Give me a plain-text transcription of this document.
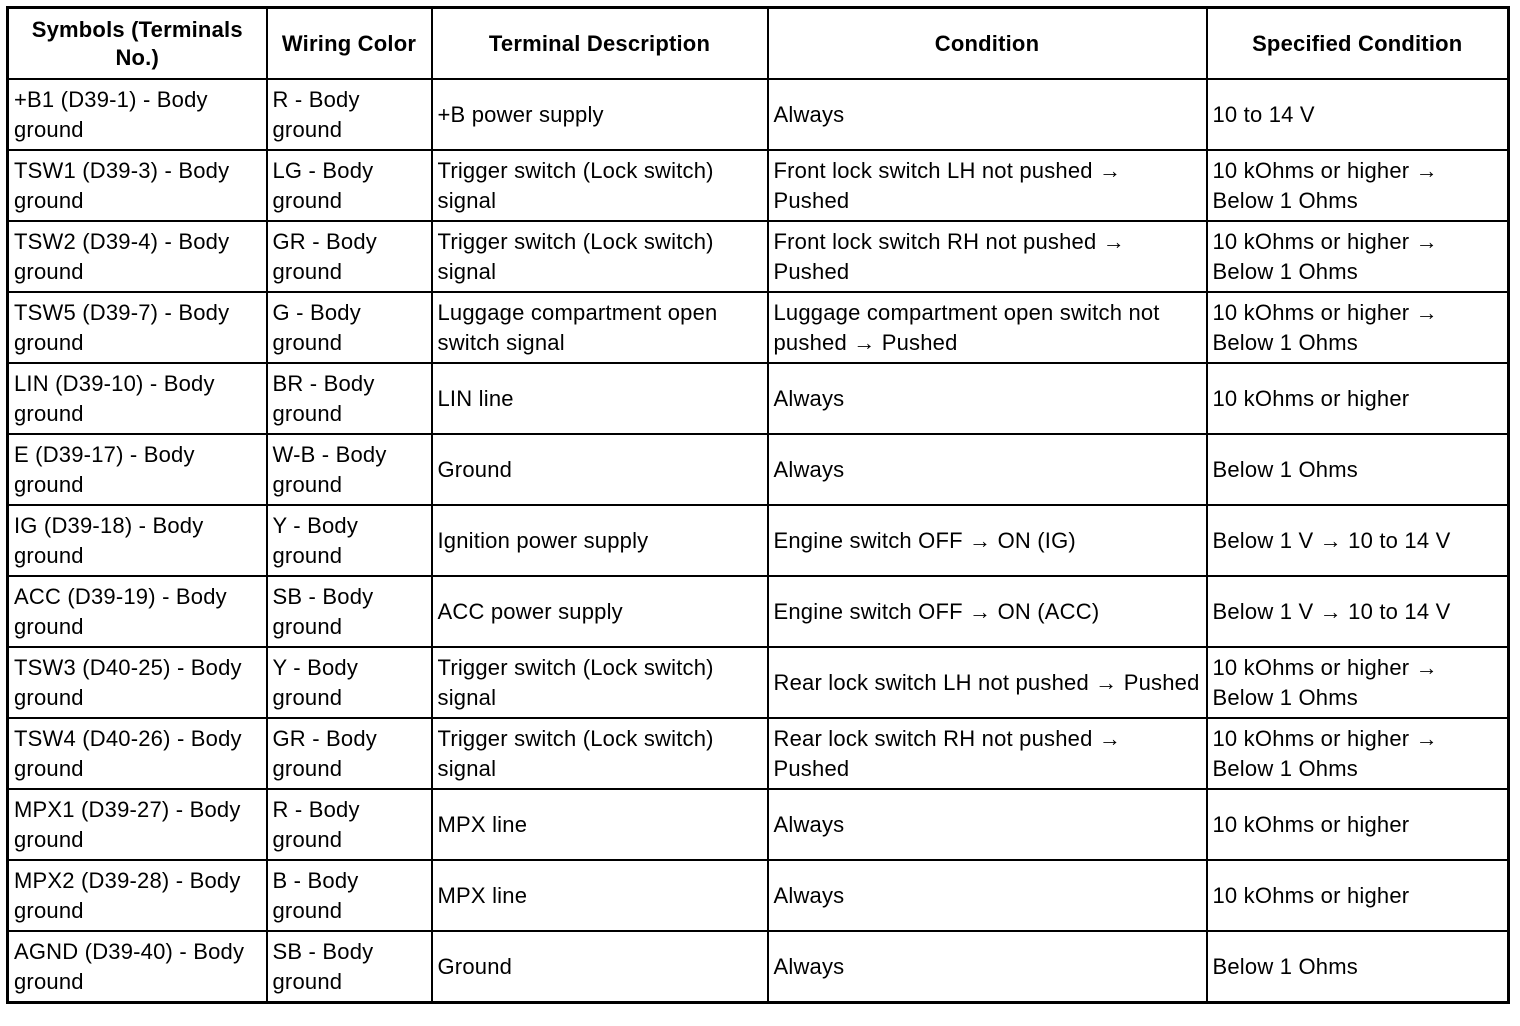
Symbols (Terminals No.)	Wiring Color	Terminal Description	Condition	Specified Condition
+B1 (D39-1) - Body ground	R - Body ground	+B power supply	Always	10 to 14 V
TSW1 (D39-3) - Body ground	LG - Body ground	Trigger switch (Lock switch) signal	Front lock switch LH not pushed → Pushed	10 kOhms or higher → Below 1 Ohms
TSW2 (D39-4) - Body ground	GR - Body ground	Trigger switch (Lock switch) signal	Front lock switch RH not pushed → Pushed	10 kOhms or higher → Below 1 Ohms
TSW5 (D39-7) - Body ground	G - Body ground	Luggage compartment open switch signal	Luggage compartment open switch not pushed → Pushed	10 kOhms or higher → Below 1 Ohms
LIN (D39-10) - Body ground	BR - Body ground	LIN line	Always	10 kOhms or higher
E (D39-17) - Body ground	W-B - Body ground	Ground	Always	Below 1 Ohms
IG (D39-18) - Body ground	Y - Body ground	Ignition power supply	Engine switch OFF → ON (IG)	Below 1 V → 10 to 14 V
ACC (D39-19) - Body ground	SB - Body ground	ACC power supply	Engine switch OFF → ON (ACC)	Below 1 V → 10 to 14 V
TSW3 (D40-25) - Body ground	Y - Body ground	Trigger switch (Lock switch) signal	Rear lock switch LH not pushed → Pushed	10 kOhms or higher → Below 1 Ohms
TSW4 (D40-26) - Body ground	GR - Body ground	Trigger switch (Lock switch) signal	Rear lock switch RH not pushed → Pushed	10 kOhms or higher → Below 1 Ohms
MPX1 (D39-27) - Body ground	R - Body ground	MPX line	Always	10 kOhms or higher
MPX2 (D39-28) - Body ground	B - Body ground	MPX line	Always	10 kOhms or higher
AGND (D39-40) - Body ground	SB - Body ground	Ground	Always	Below 1 Ohms
